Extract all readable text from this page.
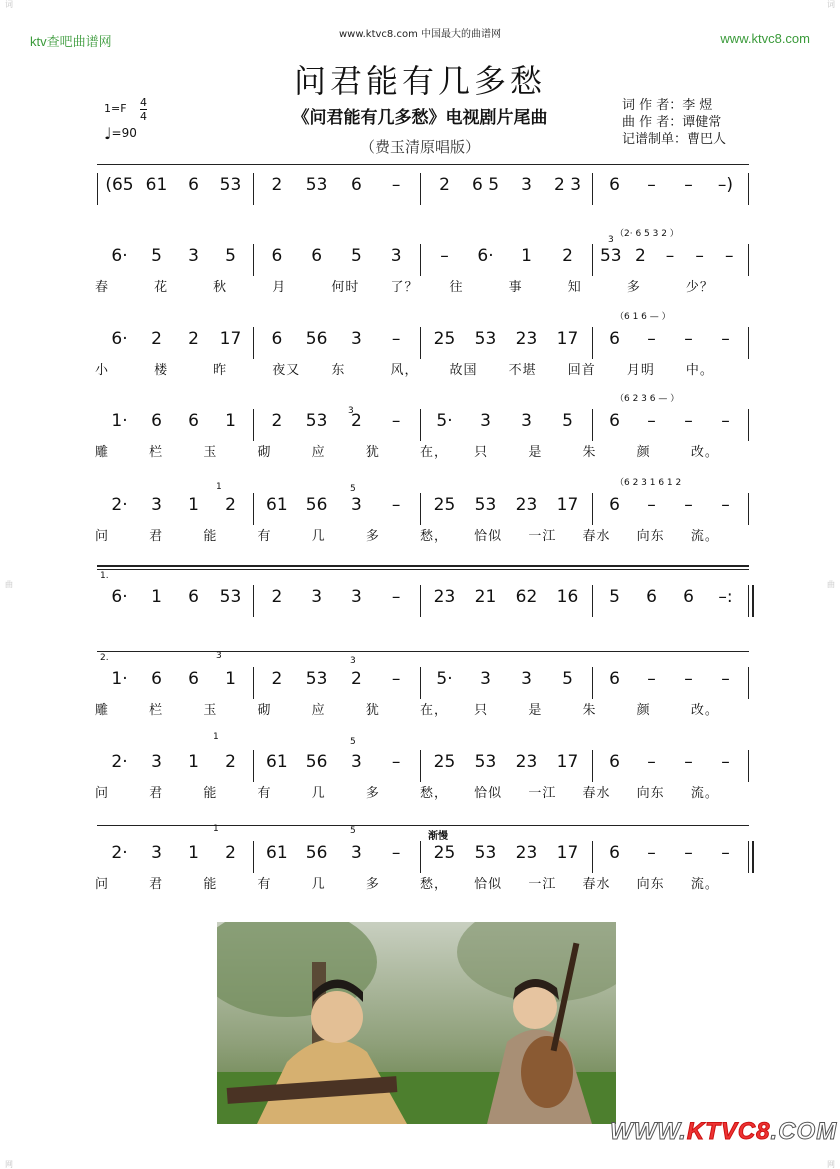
词
曲
网
词
曲
网
ktv查吧曲谱网	www.ktvc8.com
www.ktvc8.com 中国最大的曲谱网
问君能有几多愁
《问君能有几多愁》电视剧片尾曲
（费玉清原唱版）
1=F 4
4
♩=90
词 作 者：李 煜
曲 作 者：谭健常
记谱制单：曹巴人
(65 61	6	53	2	53	6	–	2	6 5	3	2 3	6	–	–	–)
6·	5	3	5	6	6	5	3	–	6·	1	2	53 2	–	–	–
春	花	秋	月	何时 了？ 往	事	知	多	少？
（2· 6 5 3 2 ）
6·	2	2	17	6	56	3	–	25	53	23	17	6	–	–	–
小	楼	昨	夜又 东	风， 故国 不堪 回首 月明 中。
（6 1 6 — ）
1·	6	6	1	2	53	2	–	5·	3	3	5	6	–	–	–
雕	栏	玉	砌	应	犹	在， 只	是	朱	颜	改。
（6 2 3 6 — ）
2·	3	1	2	61	56	3	–	25	53	23	17	6	–	–	–
问	君	能	有	几	多	愁， 恰似 一江 春水 向东 流。
（6 2 3 1 6 1 2
6·	1	6	53	2	3	3	–	23	21	62	16	5	6	6	–:
1.
1·	6	6	1	2	53	2	–	5·	3	3	5	6	–	–	–
雕	栏	玉	砌	应	犹	在， 只	是	朱	颜	改。
2.
2·	3	1	2	61	56	3	–	25	53	23	17	6	–	–	–
问	君	能	有	几	多	愁， 恰似 一江 春水 向东 流。
2·	3	1	2	61	56	3	–	25	53	23	17	6	–	–	–
问	君	能	有	几	多	愁， 恰似 一江 春水 向东 流。
渐慢
3
3
1	5
3	3
1	5
1	5
WWW.KTVC8.COM
